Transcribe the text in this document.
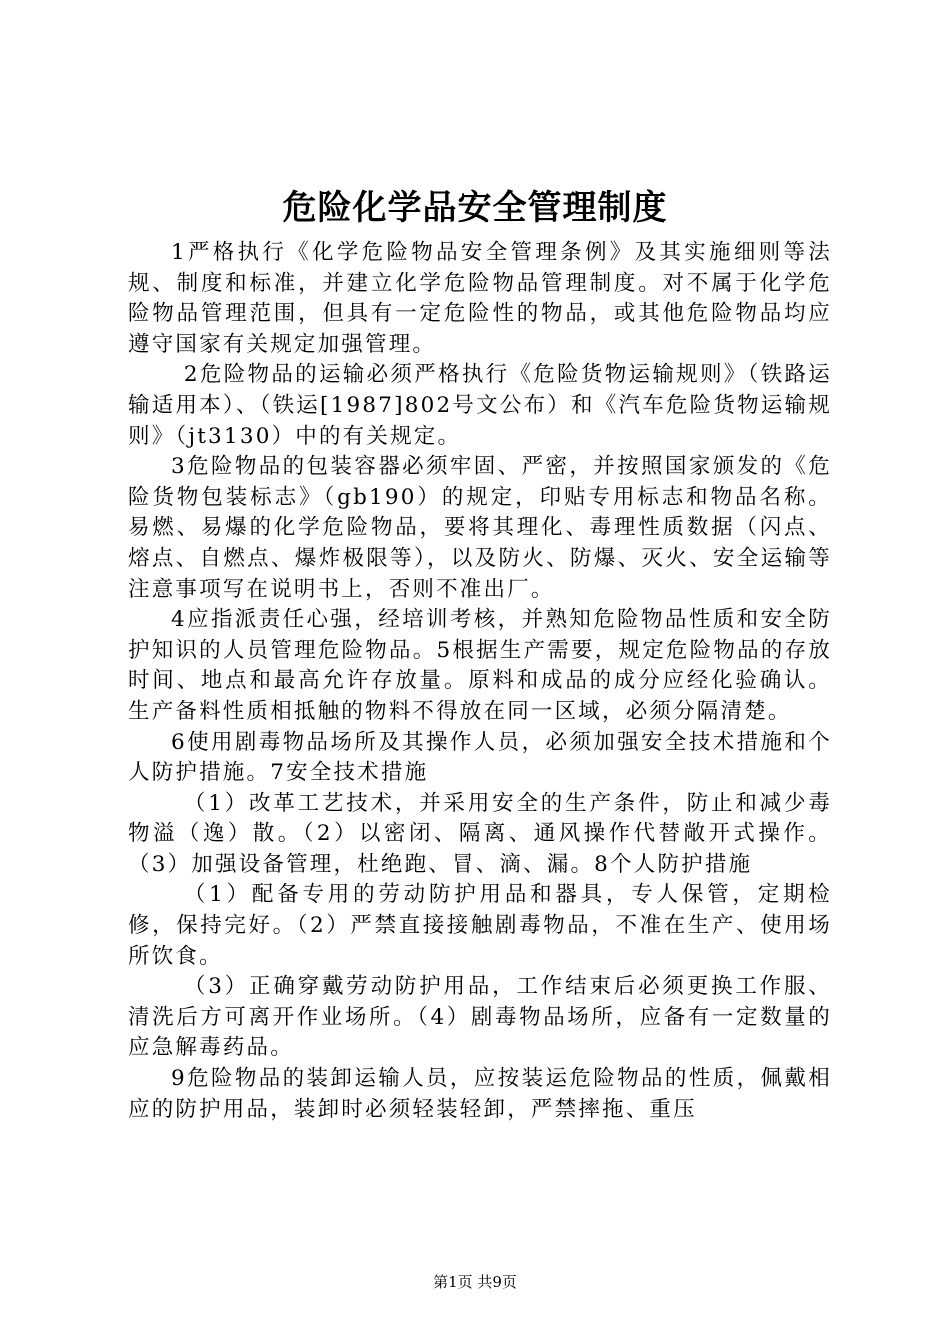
危险化学品安全管理制度

1严格执行《化学危险物品安全管理条例》及其实施细则等法规、制度和标准，并建立化学危险物品管理制度。对不属于化学危险物品管理范围，但具有一定危险性的物品，或其他危险物品均应遵守国家有关规定加强管理。

2危险物品的运输必须严格执行《危险货物运输规则》（铁路运输适用本）、（铁运[1987]802号文公布）和《汽车危险货物运输规则》（jt3130）中的有关规定。

3危险物品的包装容器必须牢固、严密，并按照国家颁发的《危险货物包装标志》（gb190）的规定，印贴专用标志和物品名称。易燃、易爆的化学危险物品，要将其理化、毒理性质数据（闪点、熔点、自燃点、爆炸极限等），以及防火、防爆、灭火、安全运输等注意事项写在说明书上，否则不准出厂。

4应指派责任心强，经培训考核，并熟知危险物品性质和安全防护知识的人员管理危险物品。5根据生产需要，规定危险物品的存放时间、地点和最高允许存放量。原料和成品的成分应经化验确认。生产备料性质相抵触的物料不得放在同一区域，必须分隔清楚。

6使用剧毒物品场所及其操作人员，必须加强安全技术措施和个人防护措施。7安全技术措施

（1）改革工艺技术，并采用安全的生产条件，防止和减少毒物溢（逸）散。（2）以密闭、隔离、通风操作代替敞开式操作。（3）加强设备管理，杜绝跑、冒、滴、漏。8个人防护措施

（1）配备专用的劳动防护用品和器具，专人保管，定期检修，保持完好。（2）严禁直接接触剧毒物品，不准在生产、使用场所饮食。

（3）正确穿戴劳动防护用品，工作结束后必须更换工作服、清洗后方可离开作业场所。（4）剧毒物品场所，应备有一定数量的应急解毒药品。

9危险物品的装卸运输人员，应按装运危险物品的性质，佩戴相应的防护用品，装卸时必须轻装轻卸，严禁摔拖、重压

第1页 共9页
